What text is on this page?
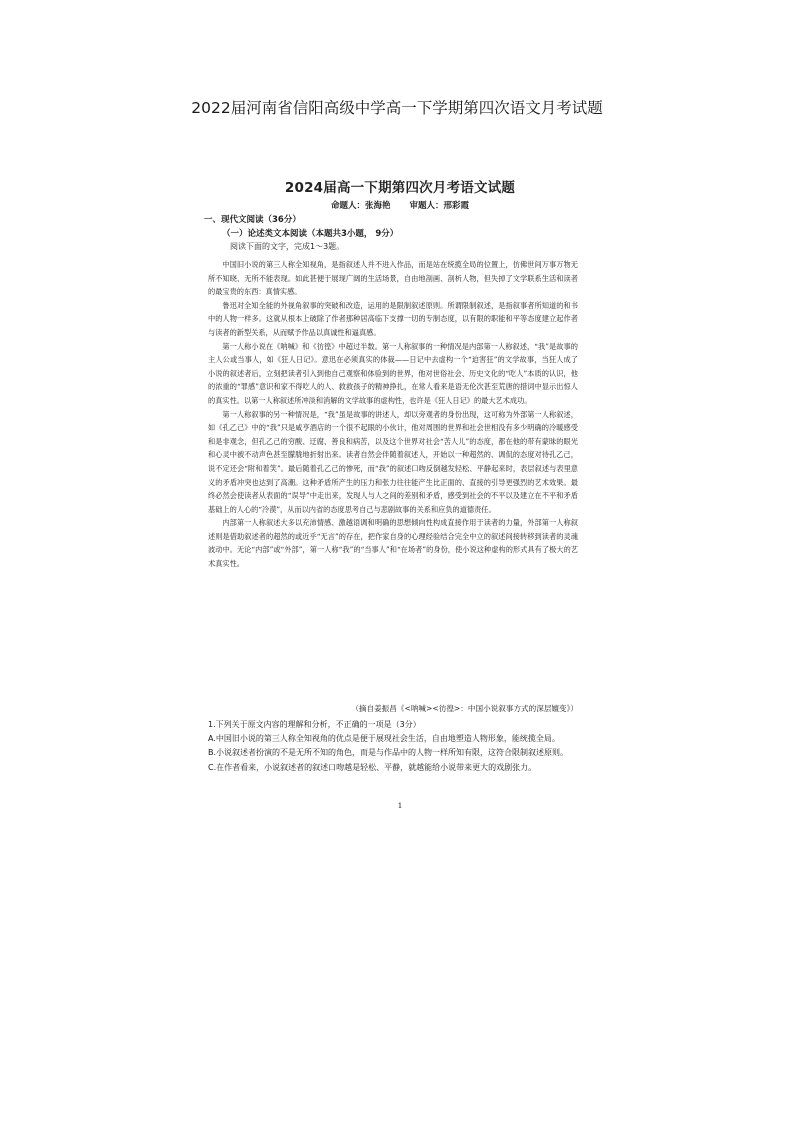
2022届河南省信阳高级中学高一下学期第四次语文月考试题
2024届高一下期第四次月考语文试题
命题人：张海艳 审题人：邢彩霞
一、现代文阅读（36分）
（一）论述类文本阅读（本题共3小题， 9分）
阅读下面的文字，完成1～3题。

中国旧小说的第三人称全知视角，是指叙述人并不进入作品，而是站在统揽全局的位置上，仿佛世间万事万物无所不知晓、无所不能表现。如此甚便于展现广阔的生活场景，自由地剖画、剖析人物，但失掉了文学联系生活和读者的最宝贵的东西：真情实感。

鲁迅对全知全能的外视角叙事的突破和改造，运用的是限制叙述原则。所谓限制叙述，是指叙事者所知道的和书中的人物一样多。这就从根本上破除了作者那种居高临下支撑一切的专制态度，以有限的职能和平等态度建立起作者与读者的新型关系，从而赋予作品以真诚性和逼真感。

第一人称小说在《呐喊》和《彷徨》中超过半数。第一人称叙事的一种情况是内部第一人称叙述，“我”是故事的主人公或当事人，如《狂人日记》。意迅在必须真实的体裁——日记中去虚构一个“迫害狂”的文学故事，当狂人成了小说的叙述者后，立刻把读者引入到他自己观察和体验到的世界，他对世俗社会、历史文化的“吃人”本质的认识，他的浓重的“罪感”意识和家不得吃人的人、救救孩子的精神挣扎，在常人看来是语无伦次甚至荒唐的措词中显示出惊人的真实性。以第一人称叙述所冲淡和消解的文学故事的虚构性，也许是《狂人日记》的最大艺术成功。

第一人称叙事的另一种情况是，“我”虽是故事的讲述人，却以旁观者的身份出现，这可称为外部第一人称叙述，如《孔乙己》中的“我”只是咸亨酒店的一个很不起眼的小伙计，他对周围的世界和社会世相没有多少明确的冷暖感受和是非观念，但孔乙己的穷酸、迂腐、善良和病苦，以及这个世界对社会“苦人儿”的态度，都在他的带有蒙昧的眼光和心灵中被不动声色甚至朦胧地折射出来。读者自然会伴随着叙述人，开始以一种超然的、调侃的态度对待孔乙己，说不定还会“附和着笑”。最后随着孔乙己的惨死，而“我”的叙述口吻反倒越发轻松、平静起来时，表层叙述与表里意义的矛盾冲突也达到了高潮。这种矛盾所产生的压力和张力往往能产生比正面的、直接的引导更强烈的艺术效果。最终必然会使读者从表面的“误导”中走出来，发现人与人之间的差别和矛盾，感受到社会的不平以及建立在不平和矛盾基础上的人心的“冷漠”，从而以内省的态度思考自己与悲剧故事的关系和应负的道德责任。

内部第一人称叙述大多以充沛情感、激越语调和明确的思想倾向性构成直接作用于读者的力量，外部第一人称叙述则是借助叙述者的超然的或近乎“无言”的存在，把作家自身的心理经验结合完全中立的叙述间接转移到读者的灵魂波动中。无论“内部”或“外部”，第一人称“我”的“当事人”和“在场者”的身份，使小说这种虚构的形式具有了极大的艺术真实性。

（摘自姜振昌《<呐喊><彷徨>：中国小说叙事方式的深层嬗变》）

1.下列关于原文内容的理解和分析，不正确的一项是（3分）

A.中国旧小说的第三人称全知视角的优点是便于展现社会生活，自由地塑造人物形象，能统揽全局。

B.小说叙述者扮演的不是无所不知的角色，而是与作品中的人物一样所知有限，这符合限制叙述原则。

C.在作者看来，小说叙述者的叙述口吻越是轻松、平静，就越能给小说带来更大的戏剧张力。

1
